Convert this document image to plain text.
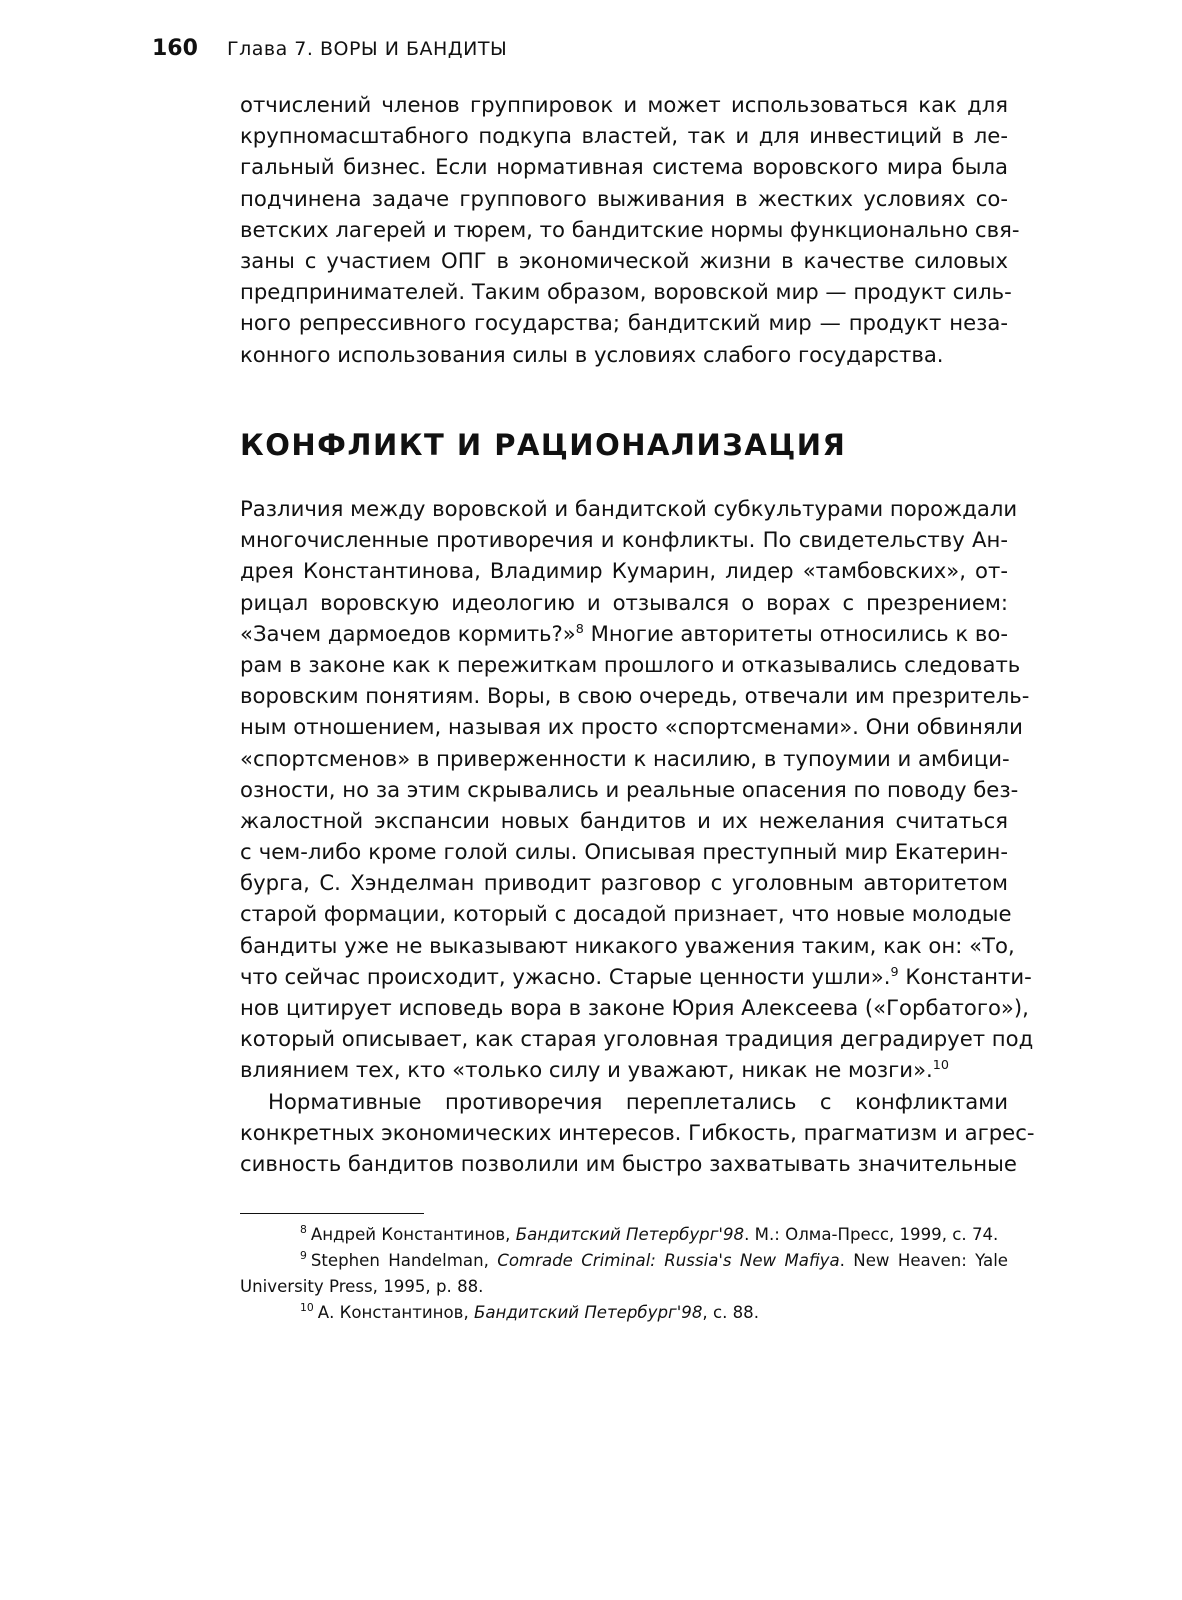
160 Глава 7. ВОРЫ И БАНДИТЫ
отчислений членов группировок и может использоваться как для
крупномасштабного подкупа властей, так и для инвестиций в ле-
гальный бизнес. Если нормативная система воровского мира была
подчинена задаче группового выживания в жестких условиях со-
ветских лагерей и тюрем, то бандитские нормы функционально свя-
заны с участием ОПГ в экономической жизни в качестве силовых
предпринимателей. Таким образом, воровской мир — продукт силь-
ного репрессивного государства; бандитский мир — продукт неза-
конного использования силы в условиях слабого государства.
КОНФЛИКТ И РАЦИОНАЛИЗАЦИЯ
Различия между воровской и бандитской субкультурами порождали
многочисленные противоречия и конфликты. По свидетельству Ан-
дрея Константинова, Владимир Кумарин, лидер «тамбовских», от-
рицал воровскую идеологию и отзывался о ворах с презрением:
«Зачем дармоедов кормить?»$^8$ Многие авторитеты относились к во-
рам в законе как к пережиткам прошлого и отказывались следовать
воровским понятиям. Воры, в свою очередь, отвечали им презритель-
ным отношением, называя их просто «спортсменами». Они обвиняли
«спортсменов» в приверженности к насилию, в тупоумии и амбици-
озности, но за этим скрывались и реальные опасения по поводу без-
жалостной экспансии новых бандитов и их нежелания считаться
с чем-либо кроме голой силы. Описывая преступный мир Екатерин-
бурга, С. Хэнделман приводит разговор с уголовным авторитетом
старой формации, который с досадой признает, что новые молодые
бандиты уже не выказывают никакого уважения таким, как он: «То,
что сейчас происходит, ужасно. Старые ценности ушли».$^9$ Константи-
нов цитирует исповедь вора в законе Юрия Алексеева («Горбатого»),
который описывает, как старая уголовная традиция деградирует под
влиянием тех, кто «только силу и уважают, никак не мозги».$^{10}$
Нормативные противоречия переплетались с конфликтами
конкретных экономических интересов. Гибкость, прагматизм и агрес-
сивность бандитов позволили им быстро захватывать значительные
$^8$ Андрей Константинов, Бандитский Петербург'98. М.: Олма-Пресс, 1999, с. 74.
$^9$ Stephen Handelman, Comrade Criminal: Russia's New Mafiya. New Heaven: Yale
University Press, 1995, p. 88.
$^{10}$ А. Константинов, Бандитский Петербург'98, с. 88.
